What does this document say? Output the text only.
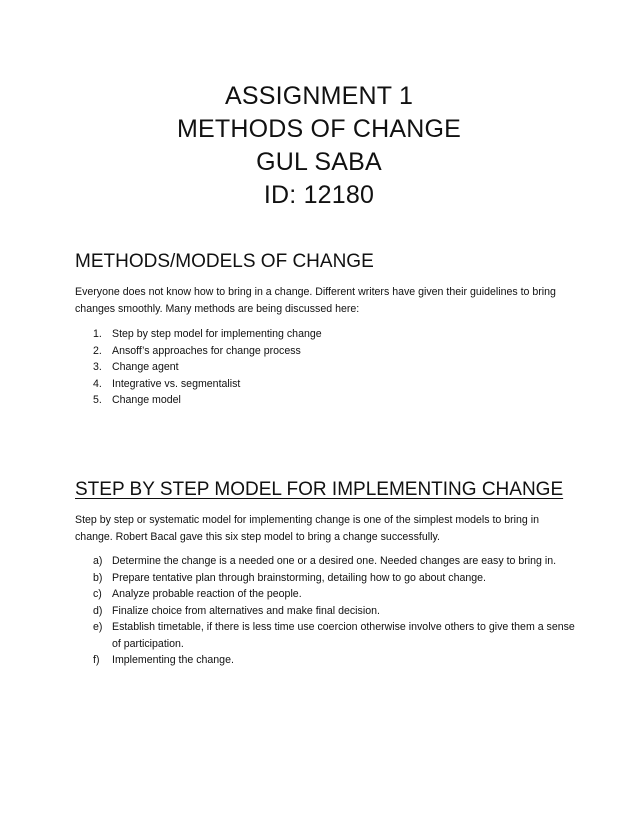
ASSIGNMENT 1
METHODS OF CHANGE
GUL SABA
ID: 12180
METHODS/MODELS OF CHANGE
Everyone does not know how to bring in a change. Different writers have given their guidelines to bring changes smoothly. Many methods are being discussed here:
1. Step by step model for implementing change
2. Ansoff’s approaches for change process
3. Change agent
4. Integrative vs. segmentalist
5. Change model
STEP BY STEP MODEL FOR IMPLEMENTING CHANGE
Step by step or systematic model for implementing change is one of the simplest models to bring in change. Robert Bacal gave this six step model to bring a change successfully.
a) Determine the change is a needed one or a desired one. Needed changes are easy to bring in.
b) Prepare tentative plan through brainstorming, detailing how to go about change.
c) Analyze probable reaction of the people.
d) Finalize choice from alternatives and make final decision.
e) Establish timetable, if there is less time use coercion otherwise involve others to give them a sense of participation.
f)	Implementing the change.
